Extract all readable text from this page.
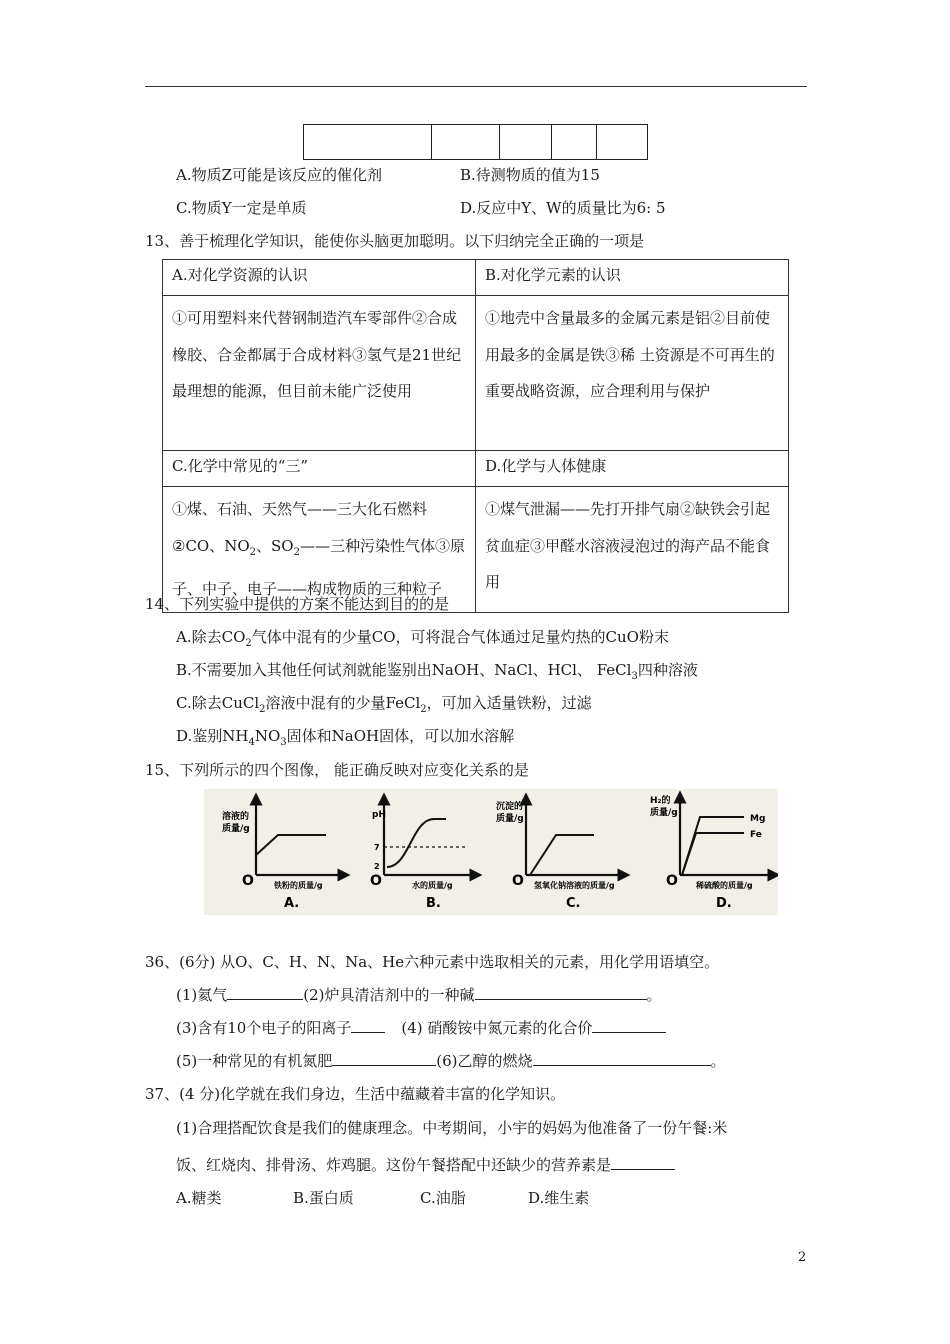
A.物质Z可能是该反应的催化剂	B.待测物质的值为15
C.物质Y一定是单质	D.反应中Y、W的质量比为6: 5
13、善于梳理化学知识，能使你头脑更加聪明。以下归纳完全正确的一项是
A.对化学资源的认识	B.对化学元素的认识
①可用塑料来代替钢制造汽车零部件②合成橡胶、合金都属于合成材料③氢气是21世纪最理想的能源，但目前未能广泛使用	①地壳中含量最多的金属元素是铝②目前使用最多的金属是铁③稀 土资源是不可再生的重要战略资源，应合理利用与保护
C.化学中常见的“三”	D.化学与人体健康

①煤、石油、天然气——三大化石燃料
②CO、$NO_2$、$SO_2——$三种污染性气体③原
子、中子、电子——构成物质的三种粒子	①煤气泄漏——先打开排气扇②缺铁会引起贫血症③甲醛水溶液浸泡过的海产品不能食用
14、下列实验中提供的方案不能达到目的的是
A.除去$CO_2$气体中混有的少量CO，可将混合气体通过足量灼热的CuO粉末
B.不需要加入其他任何试剂就能鉴别出NaOH、NaCl、HCl、 FeCl$_3$四种溶液
C.除去CuCl$_2$溶液中混有的少量FeCl$_2$，可加入适量铁粉，过滤
D.鉴别$NH_4NO_3$固体和NaOH固体，可以加水溶解
15、下列所示的四个图像， 能正确反映对应变化关系的是
溶液的
质量/g
O	铁粉的质量/g
A.
pH
7
2
O	水的质量/g
B.
沉淀的
质量/g
O 氢氧化钠溶液的质量/g
C.
H₂的
质量/g
Mg
Fe
O 稀硫酸的质量/g
D.
36、(6分) 从O、C、H、N、Na、He六种元素中选取相关的元素，用化学用语填空。
(1)氦气	(2)炉具清洁剂中的一种碱	。
(3)含有10个电子的阳离子	(4) 硝酸铵中氮元素的化合价
(5)一种常见的有机氮肥	(6)乙醇的燃烧	。
37、(4 分)化学就在我们身边，生活中蕴藏着丰富的化学知识。
(1)合理搭配饮食是我们的健康理念。中考期间，小宇的妈妈为他准备了一份午餐:米
饭、红烧肉、排骨汤、炸鸡腿。这份午餐搭配中还缺少的营养素是
A.糖类	B.蛋白质	C.油脂	D.维生素
2
